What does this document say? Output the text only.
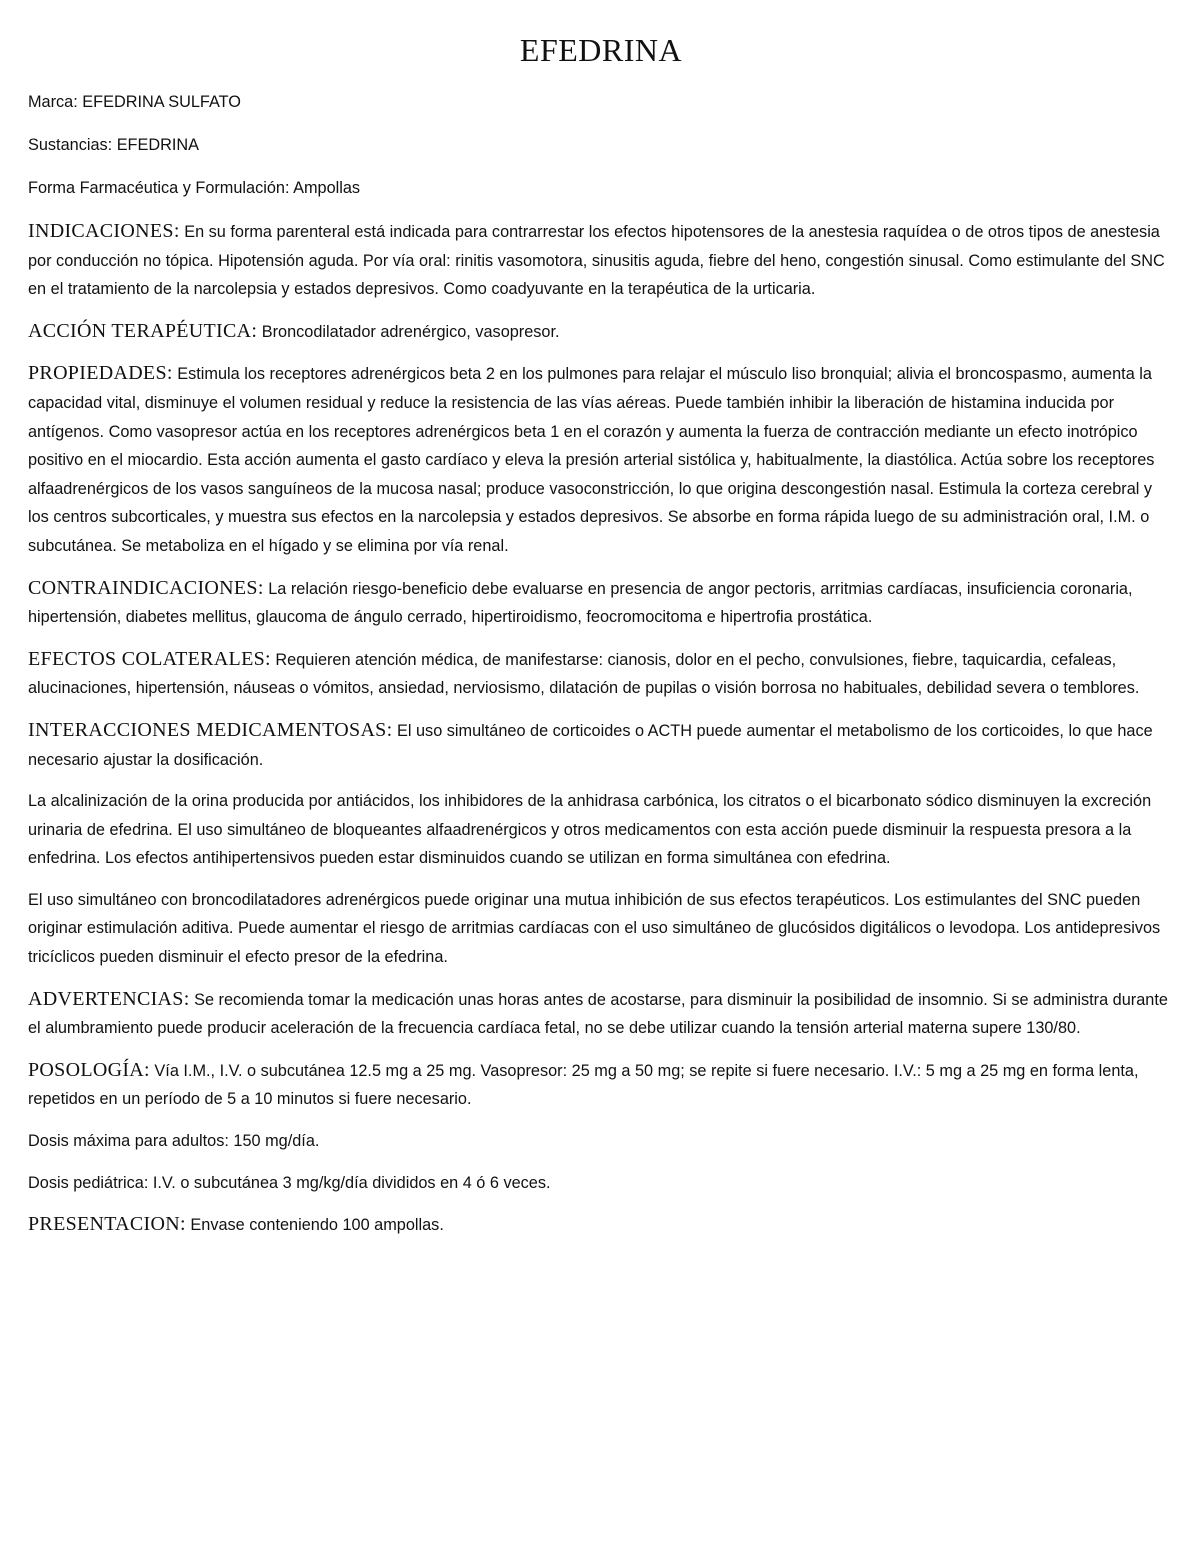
EFEDRINA

Marca: EFEDRINA SULFATO

Sustancias: EFEDRINA

Forma Farmacéutica y Formulación: Ampollas

INDICACIONES: En su forma parenteral está indicada para contrarrestar los efectos hipotensores de la anestesia raquídea o de otros tipos de anestesia por conducción no tópica. Hipotensión aguda. Por vía oral: rinitis vasomotora, sinusitis aguda, fiebre del heno, congestión sinusal. Como estimulante del SNC en el tratamiento de la narcolepsia y estados depresivos. Como coadyuvante en la terapéutica de la urticaria.

ACCIÓN TERAPÉUTICA: Broncodilatador adrenérgico, vasopresor.

PROPIEDADES: Estimula los receptores adrenérgicos beta 2 en los pulmones para relajar el músculo liso bronquial; alivia el broncospasmo, aumenta la capacidad vital, disminuye el volumen residual y reduce la resistencia de las vías aéreas. Puede también inhibir la liberación de histamina inducida por antígenos. Como vasopresor actúa en los receptores adrenérgicos beta 1 en el corazón y aumenta la fuerza de contracción mediante un efecto inotrópico positivo en el miocardio. Esta acción aumenta el gasto cardíaco y eleva la presión arterial sistólica y, habitualmente, la diastólica. Actúa sobre los receptores alfaadrenérgicos de los vasos sanguíneos de la mucosa nasal; produce vasoconstricción, lo que origina descongestión nasal. Estimula la corteza cerebral y los centros subcorticales, y muestra sus efectos en la narcolepsia y estados depresivos. Se absorbe en forma rápida luego de su administración oral, I.M. o subcutánea. Se metaboliza en el hígado y se elimina por vía renal.

CONTRAINDICACIONES: La relación riesgo-beneficio debe evaluarse en presencia de angor pectoris, arritmias cardíacas, insuficiencia coronaria, hipertensión, diabetes mellitus, glaucoma de ángulo cerrado, hipertiroidismo, feocromocitoma e hipertrofia prostática.

EFECTOS COLATERALES: Requieren atención médica, de manifestarse: cianosis, dolor en el pecho, convulsiones, fiebre, taquicardia, cefaleas, alucinaciones, hipertensión, náuseas o vómitos, ansiedad, nerviosismo, dilatación de pupilas o visión borrosa no habituales, debilidad severa o temblores.

INTERACCIONES MEDICAMENTOSAS: El uso simultáneo de corticoides o ACTH puede aumentar el metabolismo de los corticoides, lo que hace necesario ajustar la dosificación.

La alcalinización de la orina producida por antiácidos, los inhibidores de la anhidrasa carbónica, los citratos o el bicarbonato sódico disminuyen la excreción urinaria de efedrina. El uso simultáneo de bloqueantes alfaadrenérgicos y otros medicamentos con esta acción puede disminuir la respuesta presora a la enfedrina. Los efectos antihipertensivos pueden estar disminuidos cuando se utilizan en forma simultánea con efedrina.

El uso simultáneo con broncodilatadores adrenérgicos puede originar una mutua inhibición de sus efectos terapéuticos. Los estimulantes del SNC pueden originar estimulación aditiva. Puede aumentar el riesgo de arritmias cardíacas con el uso simultáneo de glucósidos digitálicos o levodopa. Los antidepresivos tricíclicos pueden disminuir el efecto presor de la efedrina.

ADVERTENCIAS: Se recomienda tomar la medicación unas horas antes de acostarse, para disminuir la posibilidad de insomnio. Si se administra durante el alumbramiento puede producir aceleración de la frecuencia cardíaca fetal, no se debe utilizar cuando la tensión arterial materna supere 130/80.

POSOLOGÍA: Vía I.M., I.V. o subcutánea 12.5 mg a 25 mg. Vasopresor: 25 mg a 50 mg; se repite si fuere necesario. I.V.: 5 mg a 25 mg en forma lenta, repetidos en un período de 5 a 10 minutos si fuere necesario.

Dosis máxima para adultos: 150 mg/día.

Dosis pediátrica: I.V. o subcutánea 3 mg/kg/día divididos en 4 ó 6 veces.

PRESENTACION: Envase conteniendo 100 ampollas.
